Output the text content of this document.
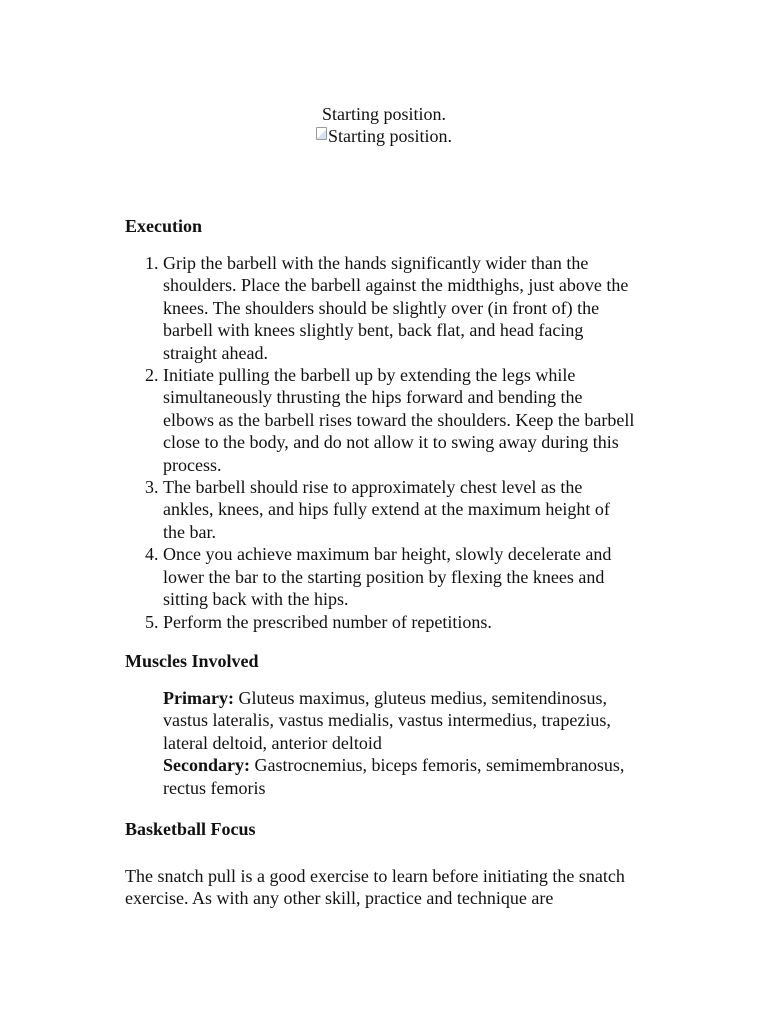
Starting position.
Starting position.
Execution
1. Grip the barbell with the hands significantly wider than the shoulders. Place the barbell against the midthighs, just above the knees. The shoulders should be slightly over (in front of) the barbell with knees slightly bent, back flat, and head facing straight ahead.
2. Initiate pulling the barbell up by extending the legs while simultaneously thrusting the hips forward and bending the elbows as the barbell rises toward the shoulders. Keep the barbell close to the body, and do not allow it to swing away during this process.
3. The barbell should rise to approximately chest level as the ankles, knees, and hips fully extend at the maximum height of the bar.
4. Once you achieve maximum bar height, slowly decelerate and lower the bar to the starting position by flexing the knees and sitting back with the hips.
5. Perform the prescribed number of repetitions.
Muscles Involved

Primary: Gluteus maximus, gluteus medius, semitendinosus, vastus lateralis, vastus medialis, vastus intermedius, trapezius, lateral deltoid, anterior deltoid

Secondary: Gastrocnemius, biceps femoris, semimembranosus, rectus femoris

Basketball Focus

The snatch pull is a good exercise to learn before initiating the snatch exercise. As with any other skill, practice and technique are
